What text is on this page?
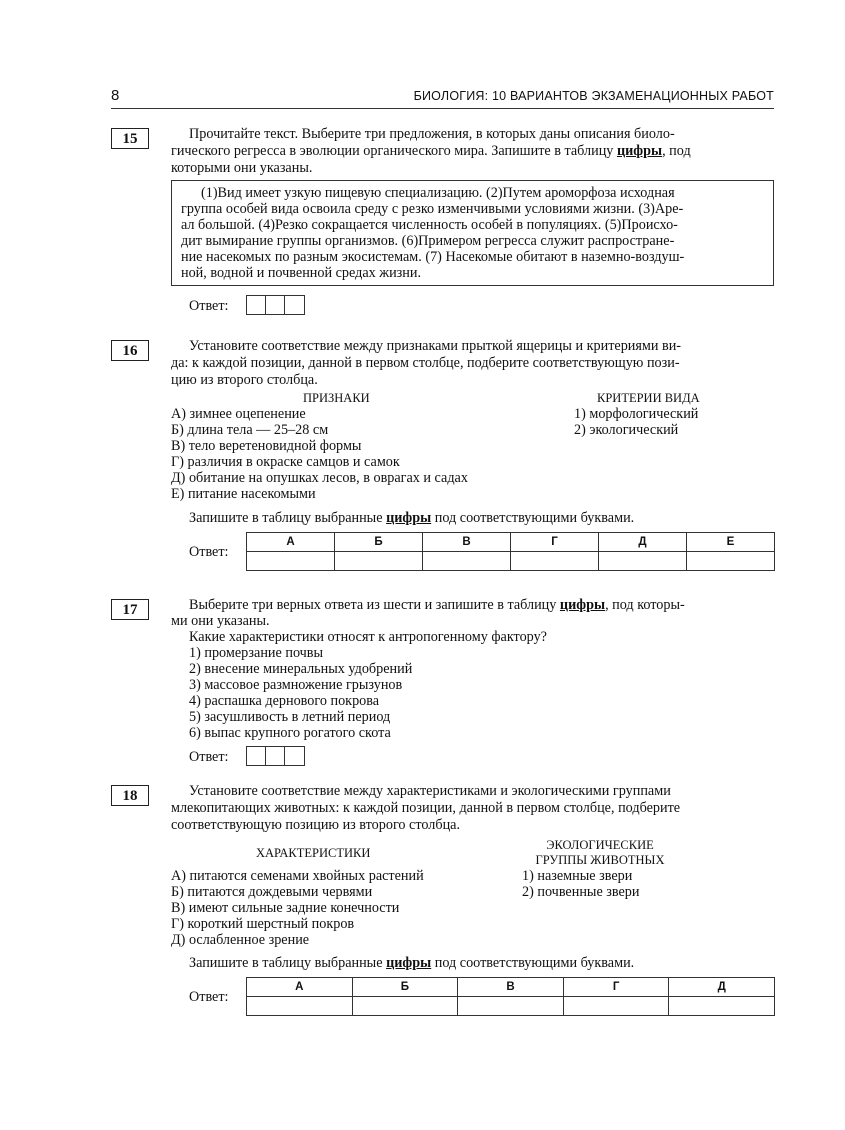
8	БИОЛОГИЯ: 10 ВАРИАНТОВ ЭКЗАМЕНАЦИОННЫХ РАБОТ
15	Прочитайте текст. Выберите три предложения, в которых даны описания биоло-
гического регресса в эволюции органического мира. Запишите в таблицу цифры, под
которыми они указаны.
(1)Вид имеет узкую пищевую специализацию. (2)Путем ароморфоза исходная
группа особей вида освоила среду с резко изменчивыми условиями жизни. (3)Аре-
ал большой. (4)Резко сокращается численность особей в популяциях. (5)Происхо-
дит вымирание группы организмов. (6)Примером регресса служит распростране-
ние насекомых по разным экосистемам. (7) Насекомые обитают в наземно-воздуш-
ной, водной и почвенной средах жизни.
Ответ:
16	Установите соответствие между признаками прыткой ящерицы и критериями ви-
да: к каждой позиции, данной в первом столбце, подберите соответствующую пози-
цию из второго столбца.
ПРИЗНАКИ	КРИТЕРИИ ВИДА
А) зимнее оцепенение
Б) длина тела — 25–28 см
В) тело веретеновидной формы
Г) различия в окраске самцов и самок
Д) обитание на опушках лесов, в оврагах и садах
Е) питание насекомыми
1) морфологический
2) экологический
Запишите в таблицу выбранные цифры под соответствующими буквами.
Ответ:
А	Б	В	Г	Д	Е

17	Выберите три верных ответа из шести и запишите в таблицу цифры, под которы-
ми они указаны.
Какие характеристики относят к антропогенному фактору?
1) промерзание почвы
2) внесение минеральных удобрений
3) массовое размножение грызунов
4) распашка дернового покрова
5) засушливость в летний период
6) выпас крупного рогатого скота
Ответ:
18	Установите соответствие между характеристиками и экологическими группами
млекопитающих животных: к каждой позиции, данной в первом столбце, подберите
соответствующую позицию из второго столбца.
ХАРАКТЕРИСТИКИ
ЭКОЛОГИЧЕСКИЕ
ГРУППЫ ЖИВОТНЫХ
А) питаются семенами хвойных растений
Б) питаются дождевыми червями
В) имеют сильные задние конечности
Г) короткий шерстный покров
Д) ослабленное зрение
1) наземные звери
2) почвенные звери
Запишите в таблицу выбранные цифры под соответствующими буквами.
Ответ:
А	Б	В	Г	Д
